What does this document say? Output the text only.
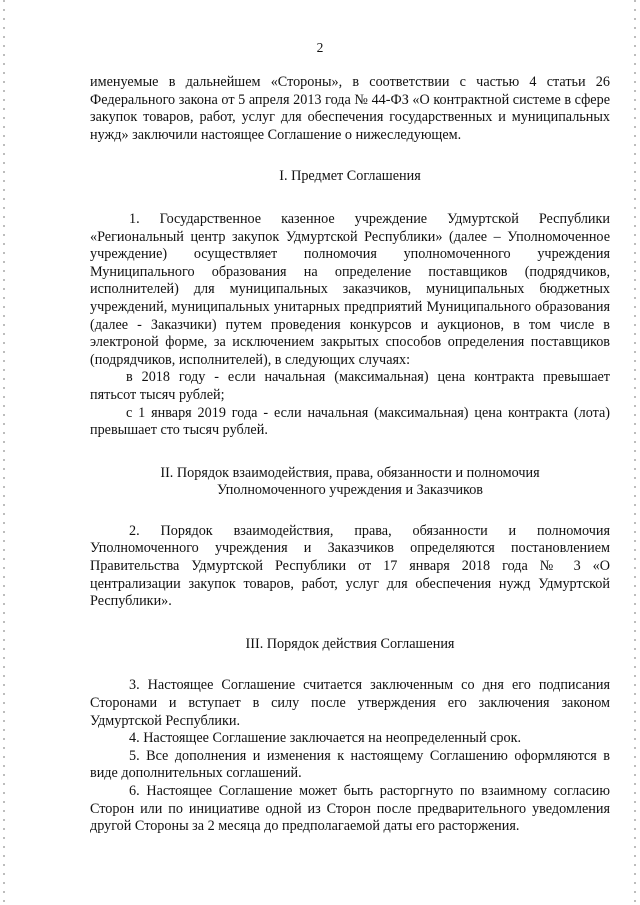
2

именуемые в дальнейшем «Стороны», в соответствии с частью 4 статьи 26 Федерального закона от 5 апреля 2013 года № 44-ФЗ «О контрактной системе в сфере закупок товаров, работ, услуг для обеспечения государственных и муниципальных нужд» заключили настоящее Соглашение о нижеследующем.

I. Предмет Соглашения

1. Государственное казенное учреждение Удмуртской Республики «Региональный центр закупок Удмуртской Республики» (далее – Уполномоченное учреждение) осуществляет полномочия уполномоченного учреждения Муниципального образования на определение поставщиков (подрядчиков, исполнителей) для муниципальных заказчиков, муниципальных бюджетных учреждений, муниципальных унитарных предприятий Муниципального образования (далее - Заказчики) путем проведения конкурсов и аукционов, в том числе в электроной форме, за исключением закрытых способов определения поставщиков (подрядчиков, исполнителей), в следующих случаях:

в 2018 году - если начальная (максимальная) цена контракта превышает пятьсот тысяч рублей;

с 1 января 2019 года - если начальная (максимальная) цена контракта (лота) превышает сто тысяч рублей.

II. Порядок взаимодействия, права, обязанности и полномочия
Уполномоченного учреждения и Заказчиков

2. Порядок взаимодействия, права, обязанности и полномочия Уполномоченного учреждения и Заказчиков определяются постановлением Правительства Удмуртской Республики от 17 января 2018 года № 3 «О централизации закупок товаров, работ, услуг для обеспечения нужд Удмуртской Республики».

III. Порядок действия Соглашения

3. Настоящее Соглашение считается заключенным со дня его подписания Сторонами и вступает в силу после утверждения его заключения законом Удмуртской Республики.

4. Настоящее Соглашение заключается на неопределенный срок.

5. Все дополнения и изменения к настоящему Соглашению оформляются в виде дополнительных соглашений.

6. Настоящее Соглашение может быть расторгнуто по взаимному согласию Сторон или по инициативе одной из Сторон после предварительного уведомления другой Стороны за 2 месяца до предполагаемой даты его расторжения.
